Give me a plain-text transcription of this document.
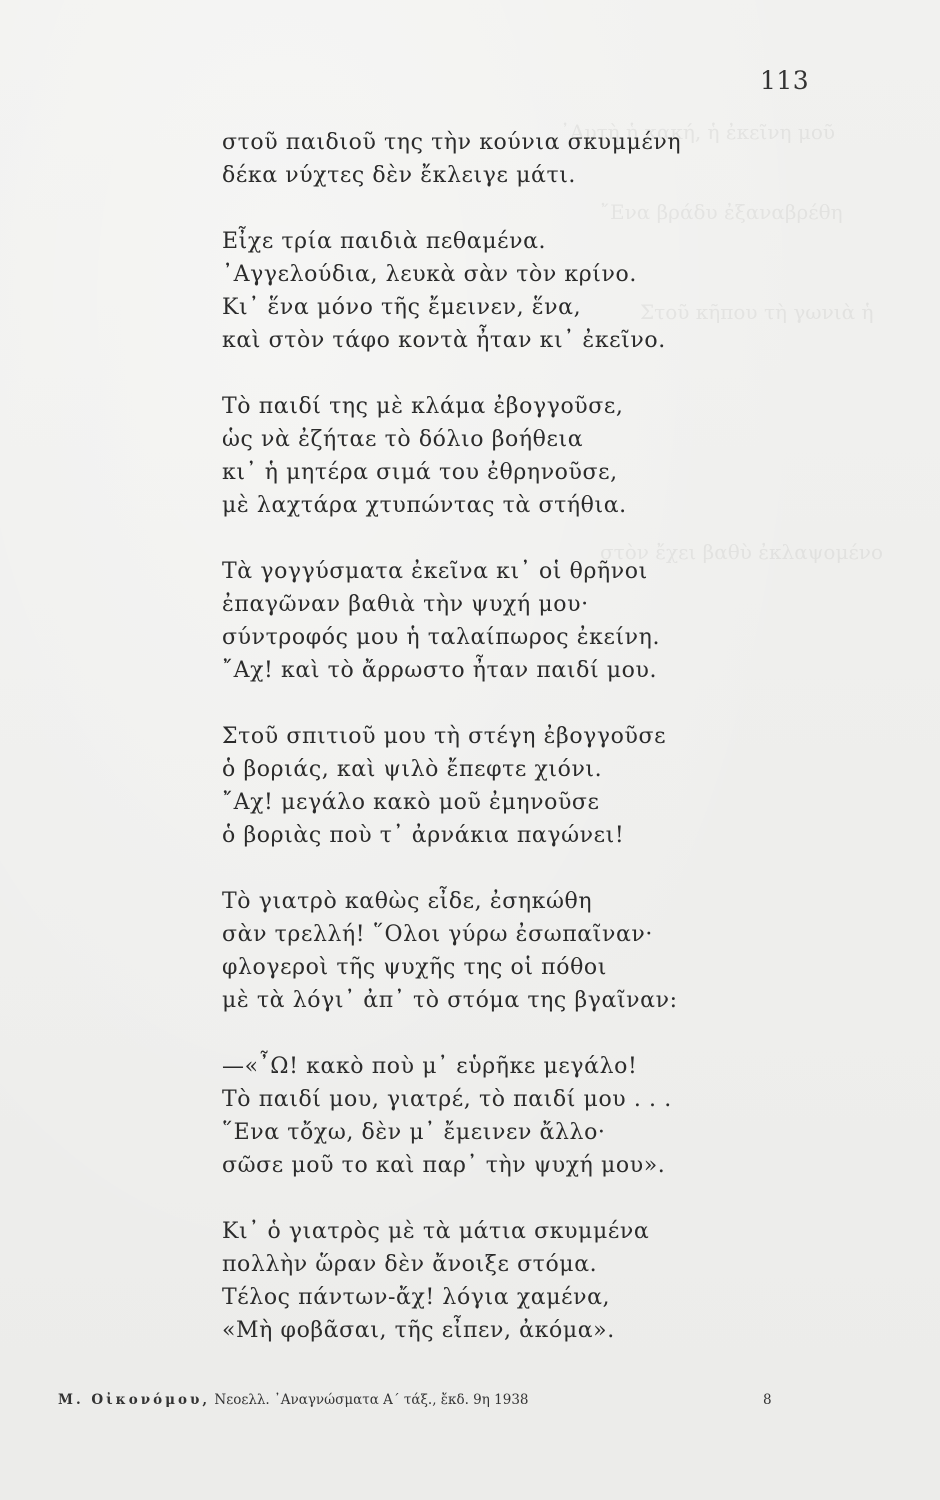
᾿Αυτὴ ἡ κακή, ἡ ἐκεῖνη μοῦ
῎Ενα βράδυ ἐξαναβρέθη
Στοῦ κῆπου τὴ γωνιὰ ἡ
στὸν ἔχει βαθὺ ἐκλαψομένο
113
στοῦ παιδιοῦ της τὴν κούνια σκυμμένη
δέκα νύχτες δὲν ἔκλειγε μάτι.
Εἶχε τρία παιδιὰ πεθαμένα.
᾿Αγγελούδια, λευκὰ σὰν τὸν κρίνο.
Κι᾿ ἕνα μόνο τῆς ἔμεινεν, ἕνα,
καὶ στὸν τάφο κοντὰ ἦταν κι᾿ ἐκεῖνο.
Τὸ παιδί της μὲ κλάμα ἐβογγοῦσε,
ὡς νὰ ἐζήταε τὸ δόλιο βοήθεια
κι᾿ ἡ μητέρα σιμά του ἐθρηνοῦσε,
μὲ λαχτάρα χτυπώντας τὰ στήθια.
Τὰ γογγύσματα ἐκεῖνα κι᾿ οἱ θρῆνοι
ἐπαγῶναν βαθιὰ τὴν ψυχή μου·
σύντροφός μου ἡ ταλαίπωρος ἐκείνη.
῎Αχ! καὶ τὸ ἄρρωστο ἦταν παιδί μου.
Στοῦ σπιτιοῦ μου τὴ στέγη ἐβογγοῦσε
ὁ βοριάς, καὶ ψιλὸ ἔπεφτε χιόνι.
῎Αχ! μεγάλο κακὸ μοῦ ἐμηνοῦσε
ὁ βοριὰς ποὺ τ᾿ ἀρνάκια παγώνει!
Τὸ γιατρὸ καθὼς εἶδε, ἐσηκώθη
σὰν τρελλή! ῞Ολοι γύρω ἐσωπαῖναν·
φλογεροὶ τῆς ψυχῆς της οἱ πόθοι
μὲ τὰ λόγι᾿ ἀπ᾿ τὸ στόμα της βγαῖναν:
—«῏Ω! κακὸ ποὺ μ᾿ εὑρῆκε μεγάλο!
Τὸ παιδί μου, γιατρέ, τὸ παιδί μου . . .
῞Ενα τὄχω, δὲν μ᾿ ἔμεινεν ἄλλο·
σῶσε μοῦ το καὶ παρ᾿ τὴν ψυχή μου».
Κι᾿ ὁ γιατρὸς μὲ τὰ μάτια σκυμμένα
πολλὴν ὥραν δὲν ἄνοιξε στόμα.
Τέλος πάντων-ἄχ! λόγια χαμένα,
«Μὴ φοβᾶσαι, τῆς εἶπεν, ἀκόμα».
Μ. Οἰκονόμου, Νεοελλ. ᾿Αναγνώσματα Α´ τάξ., ἔκδ. 9η 1938	8
